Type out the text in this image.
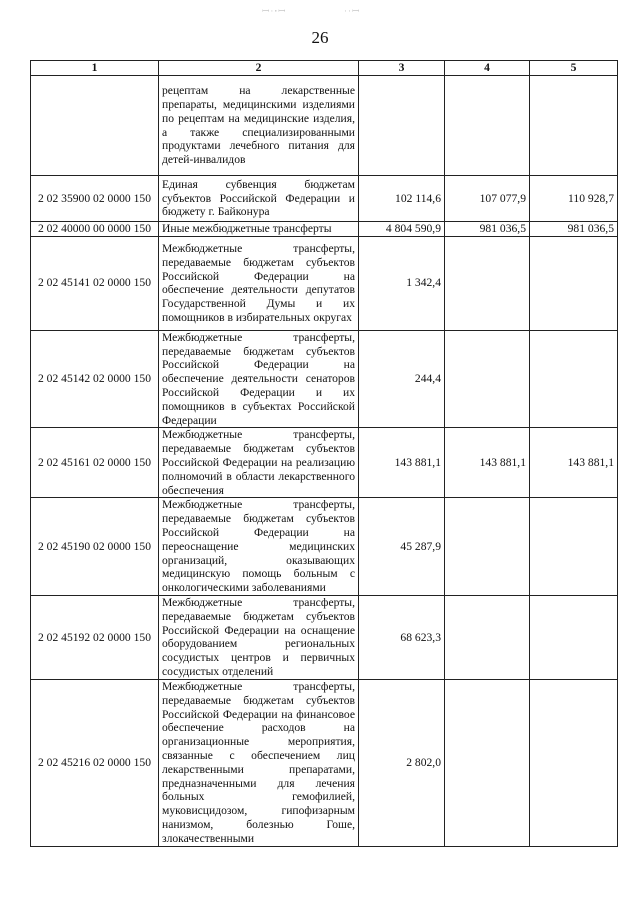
ꟷ·ꞏꟷ	··ꟷ
26
1	2	3	4	5
	рецептам на лекарственные препараты, медицинскими изделиями по рецептам на медицинские изделия, а также специализированными продуктами лечебного питания для детей-инвалидов			
2 02 35900 02 0000 150	Единая субвенция бюджетам субъектов Российской Федерации и бюджету г. Байконура	102 114,6	107 077,9	110 928,7
2 02 40000 00 0000 150	Иные межбюджетные трансферты	4 804 590,9	981 036,5	981 036,5
2 02 45141 02 0000 150	Межбюджетные трансферты, передаваемые бюджетам субъектов Российской Федерации на обеспечение деятельности депутатов Государственной Думы и их помощников в избирательных округах	1 342,4		
2 02 45142 02 0000 150	Межбюджетные трансферты, передаваемые бюджетам субъектов Российской Федерации на обеспечение деятельности сенаторов Российской Федерации и их помощников в субъектах Российской Федерации	244,4		
2 02 45161 02 0000 150	Межбюджетные трансферты, передаваемые бюджетам субъектов Российской Федерации на реализацию полномочий в области лекарственного обеспечения	143 881,1	143 881,1	143 881,1
2 02 45190 02 0000 150	Межбюджетные трансферты, передаваемые бюджетам субъектов Российской Федерации на переоснащение медицинских организаций, оказывающих медицинскую помощь больным с онкологическими заболеваниями	45 287,9		
2 02 45192 02 0000 150	Межбюджетные трансферты, передаваемые бюджетам субъектов Российской Федерации на оснащение оборудованием региональных сосудистых центров и первичных сосудистых отделений	68 623,3		
2 02 45216 02 0000 150	Межбюджетные трансферты, передаваемые бюджетам субъектов Российской Федерации на финансовое обеспечение расходов на организационные мероприятия, связанные с обеспечением лиц лекарственными препаратами, предназначенными для лечения больных гемофилией, муковисцидозом, гипофизарным нанизмом, болезнью Гоше, злокачественными	2 802,0		
